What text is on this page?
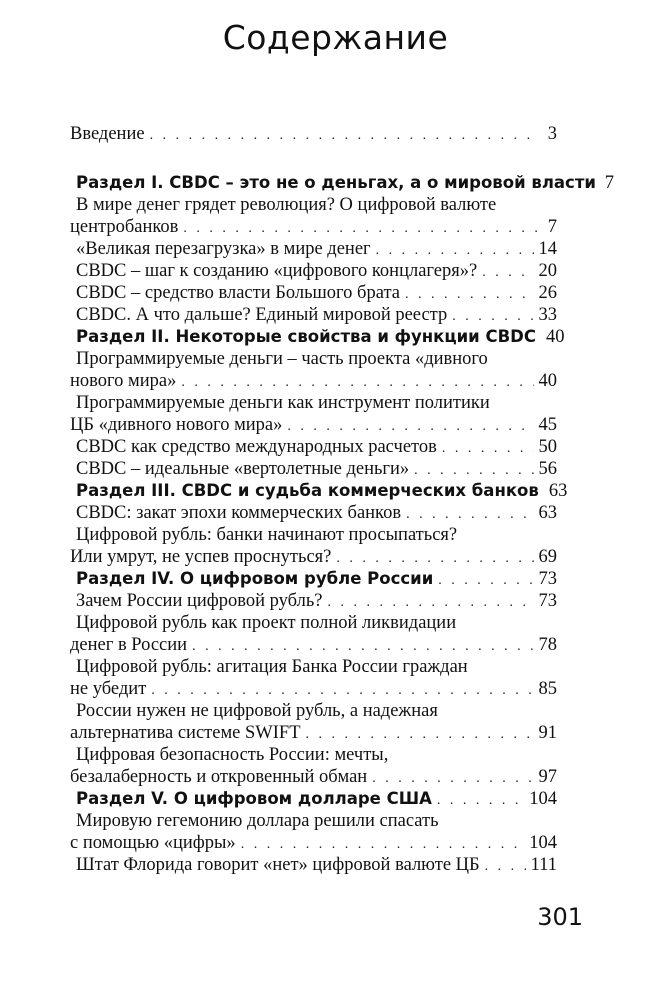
Содержание
Введение . . .	3
Раздел I. CBDC – это не о деньгах, а о мировой власти 7
В мире денег грядет революция? О цифровой валюте
центробанков . . .	7
«Великая перезагрузка» в мире денег . . .	14
CBDC – шаг к созданию «цифрового концлагеря»? . . .	20
CBDC – средство власти Большого брата . . .	26
CBDC. А что дальше? Единый мировой реестр . . .	33
Раздел II. Некоторые свойства и функции CBDC 40
Программируемые деньги – часть проекта «дивного
нового мира» . . .	40
Программируемые деньги как инструмент политики
ЦБ «дивного нового мира» . . .	45
CBDC как средство международных расчетов . . .	50
CBDC – идеальные «вертолетные деньги» . . .	56
Раздел III. CBDC и судьба коммерческих банков 63
CBDC: закат эпохи коммерческих банков . . .	63
Цифровой рубль: банки начинают просыпаться?
Или умрут, не успев проснуться? . . .	69
Раздел IV. О цифровом рубле России . . .	73
Зачем России цифровой рубль? . . .	73
Цифровой рубль как проект полной ликвидации
денег в России . . .	78
Цифровой рубль: агитация Банка России граждан
не убедит . . .	85
России нужен не цифровой рубль, а надежная
альтернатива системе SWIFT . . .	91
Цифровая безопасность России: мечты,
безалаберность и откровенный обман . . .	97
Раздел V. О цифровом долларе США . . .	104
Мировую гегемонию доллара решили спасать
с помощью «цифры» . . .	104
Штат Флорида говорит «нет» цифровой валюте ЦБ . . .	111
301
